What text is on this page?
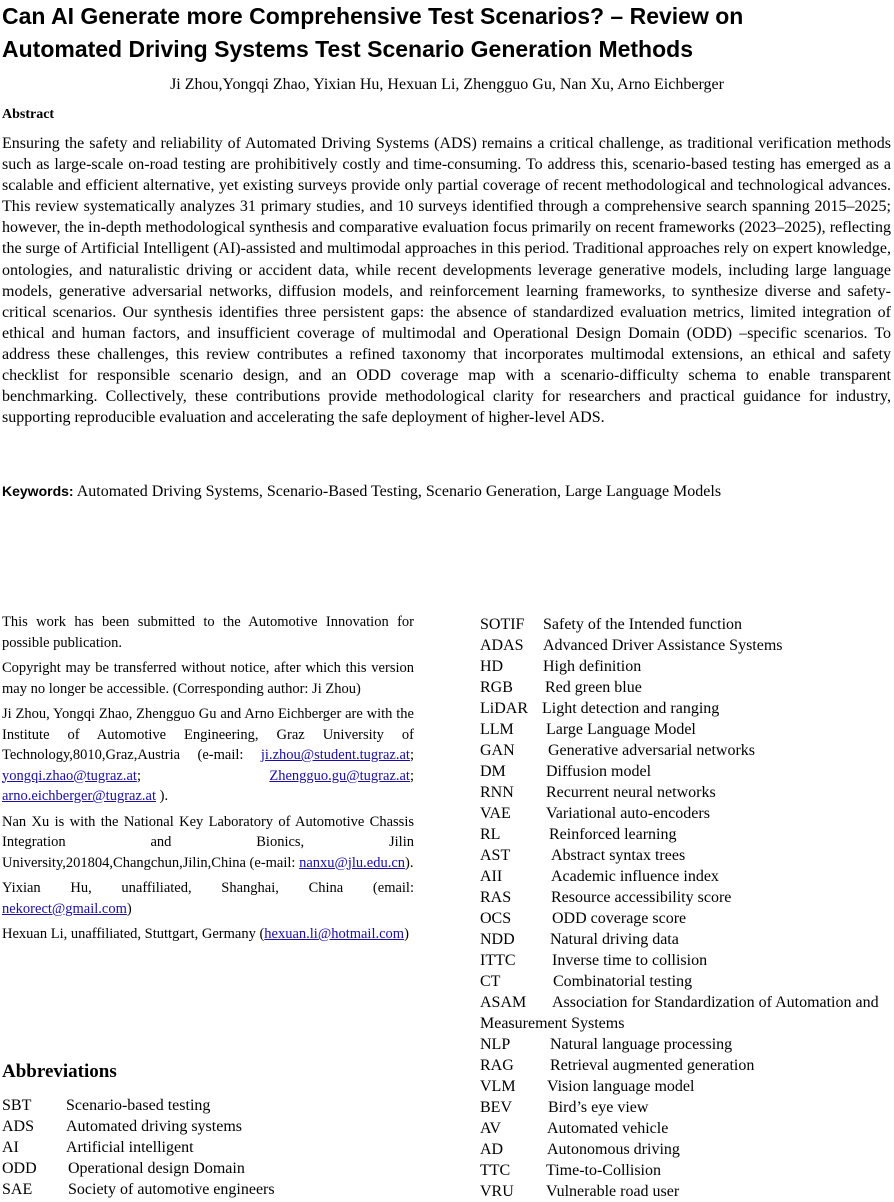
Can AI Generate more Comprehensive Test Scenarios? – Review on
Automated Driving Systems Test Scenario Generation Methods
Ji Zhou,Yongqi Zhao, Yixian Hu, Hexuan Li, Zhengguo Gu, Nan Xu, Arno Eichberger
Abstract

Ensuring the safety and reliability of Automated Driving Systems (ADS) remains a critical challenge, as traditional verification methods such as large-scale on-road testing are prohibitively costly and time-consuming. To address this, scenario-based testing has emerged as a scalable and efficient alternative, yet existing surveys provide only partial coverage of recent methodological and technological advances. This review systematically analyzes 31 primary studies, and 10 surveys identified through a comprehensive search spanning 2015–2025; however, the in-depth methodological synthesis and comparative evaluation focus primarily on recent frameworks (2023–2025), reflecting the surge of Artificial Intelligent (AI)-assisted and multimodal approaches in this period. Traditional approaches rely on expert knowledge, ontologies, and naturalistic driving or accident data, while recent developments leverage generative models, including large language models, generative adversarial networks, diffusion models, and reinforcement learning frameworks, to synthesize diverse and safety-critical scenarios. Our synthesis identifies three persistent gaps: the absence of standardized evaluation metrics, limited integration of ethical and human factors, and insufficient coverage of multimodal and Operational Design Domain (ODD) –specific scenarios. To address these challenges, this review contributes a refined taxonomy that incorporates multimodal extensions, an ethical and safety checklist for responsible scenario design, and an ODD coverage map with a scenario-difficulty schema to enable transparent benchmarking. Collectively, these contributions provide methodological clarity for researchers and practical guidance for industry, supporting reproducible evaluation and accelerating the safe deployment of higher-level ADS.

Keywords: Automated Driving Systems, Scenario-Based Testing, Scenario Generation, Large Language Models

This work has been submitted to the Automotive Innovation for possible publication.

Copyright may be transferred without notice, after which this version may no longer be accessible. (Corresponding author: Ji Zhou)

Ji Zhou, Yongqi Zhao, Zhengguo Gu and Arno Eichberger are with the Institute of Automotive Engineering, Graz University of Technology,8010,Graz,Austria (e-mail: ji.zhou@student.tugraz.at; yongqi.zhao@tugraz.at;	Zhengguo.gu@tugraz.at; arno.eichberger@tugraz.at ).

Nan Xu is with the National Key Laboratory of Automotive Chassis Integration and Bionics, Jilin University,201804,Changchun,Jilin,China (e-mail: nanxu@jlu.edu.cn).

Yixian Hu, unaffiliated, Shanghai, China (email: nekorect@gmail.com)

Hexuan Li, unaffiliated, Stuttgart, Germany (hexuan.li@hotmail.com)

Abbreviations
SBT	Scenario-based testing
ADS	Automated driving systems
AI	Artificial intelligent
ODD	Operational design Domain
SAE	Society of automotive engineers
SOTIF	Safety of the Intended function
ADAS	Advanced Driver Assistance Systems
HD	High definition
RGB	Red green blue
LiDAR Light detection and ranging
LLM	Large Language Model
GAN	Generative adversarial networks
DM	Diffusion model
RNN	Recurrent neural networks
VAE	Variational auto-encoders
RL	Reinforced learning
AST	Abstract syntax trees
AII	Academic influence index
RAS	Resource accessibility score
OCS	ODD coverage score
NDD	Natural driving data
ITTC	Inverse time to collision
CT	Combinatorial testing
ASAM Association for Standardization of Automation and Measurement Systems
NLP	Natural language processing
RAG	Retrieval augmented generation
VLM	Vision language model
BEV	Bird’s eye view
AV	Automated vehicle
AD	Autonomous driving
TTC	Time-to-Collision
VRU	Vulnerable road user
